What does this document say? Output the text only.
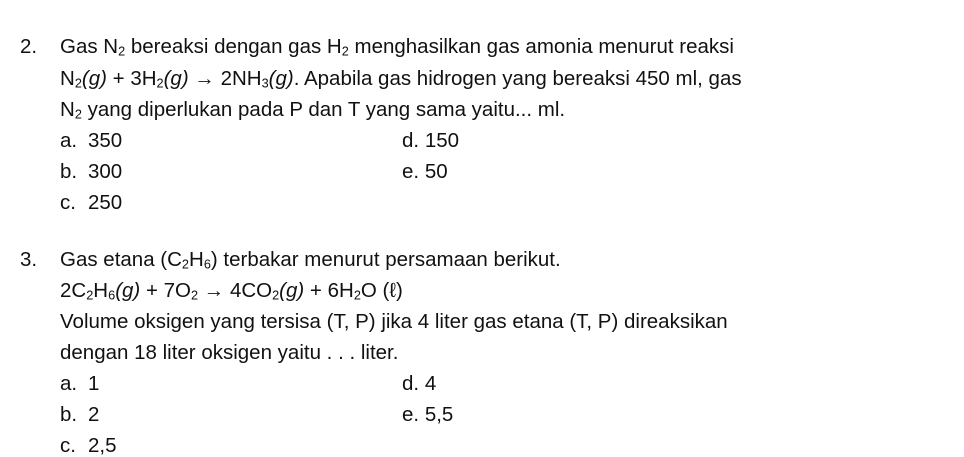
2. Gas $N_2$ bereaksi dengan gas $H_2$ menghasilkan gas amonia menurut reaksi
$N_2(g) + 3H_2(g) \to 2NH_3(g)$. Apabila gas hidrogen yang bereaksi 450 ml, gas
$N_2$ yang diperlukan pada P dan T yang sama yaitu... ml.
a. 350
b. 300
c. 250
d. 150
e. 50
3. Gas etana $(C_2H_6)$ terbakar menurut persamaan berikut.
$2C_2H_6(g) + 7O_2 \to 4CO_2(g) + 6H_2O$ (ℓ)
Volume oksigen yang tersisa (T, P) jika 4 liter gas etana (T, P) direaksikan
dengan 18 liter oksigen yaitu . . . liter.
a. 1
b. 2
c. 2,5
d. 4
e. 5,5
